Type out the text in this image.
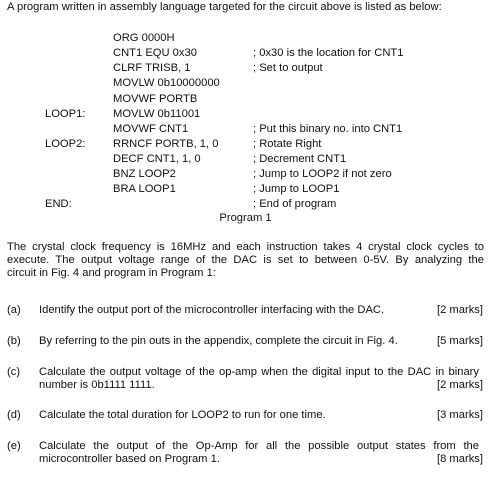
A program written in assembly language targeted for the circuit above is listed as below:
ORG 0000H
CNT1 EQU 0x30	; 0x30 is the location for CNT1
CLRF TRISB, 1	; Set to output
MOVLW 0b10000000
MOVWF PORTB
LOOP1: MOVLW 0b11001
MOVWF CNT1	; Put this binary no. into CNT1
LOOP2: RRNCF PORTB, 1, 0	; Rotate Right
DECF CNT1, 1, 0	; Decrement CNT1
BNZ LOOP2	; Jump to LOOP2 if not zero
BRA LOOP1	; Jump to LOOP1
END:	; End of program
Program 1
The crystal clock frequency is 16MHz and each instruction takes 4 crystal clock cycles to
execute. The output voltage range of the DAC is set to between 0-5V. By analyzing the
circuit in Fig. 4 and program in Program 1:
(a) Identify the output port of the microcontroller interfacing with the DAC.	[2 marks]
(b) By referring to the pin outs in the appendix, complete the circuit in Fig. 4.	[5 marks]
(c) Calculate the output voltage of the op-amp when the digital input to the DAC in binary
number is 0b1111 1111.	[2 marks]
(d) Calculate the total duration for LOOP2 to run for one time.	[3 marks]
(e) Calculate the output of the Op-Amp for all the possible output states from the
microcontroller based on Program 1.	[8 marks]
